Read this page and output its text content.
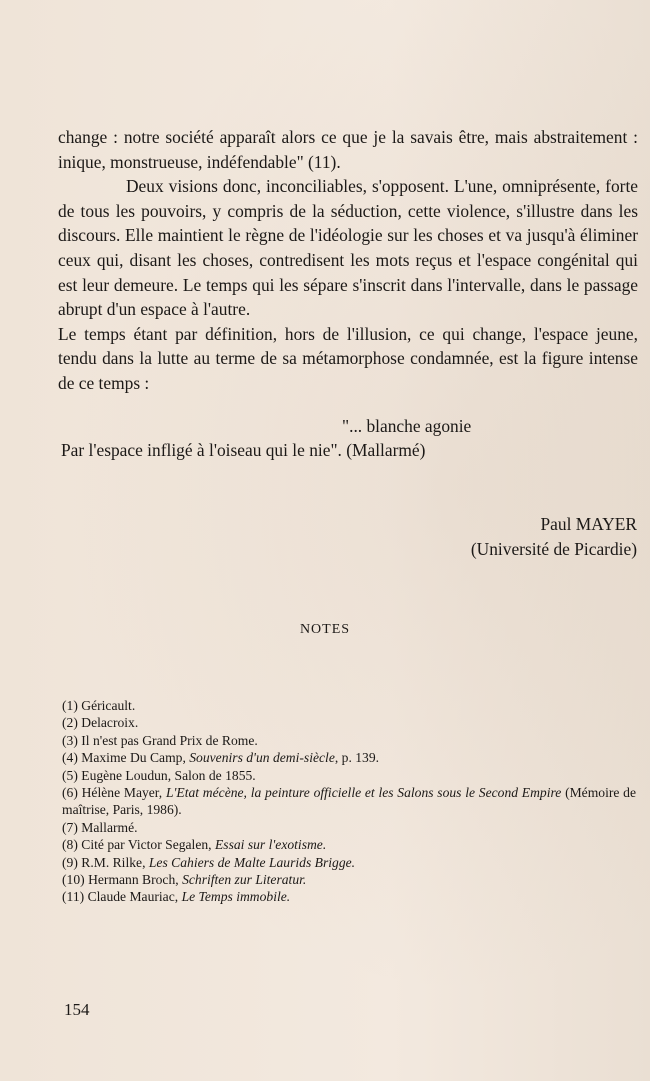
change : notre société apparaît alors ce que je la savais être, mais abstraitement : inique, monstrueuse, indéfendable" (11).

Deux visions donc, inconciliables, s'opposent. L'une, omniprésente, forte de tous les pouvoirs, y compris de la séduction, cette violence, s'illustre dans les discours. Elle maintient le règne de l'idéologie sur les choses et va jusqu'à éliminer ceux qui, disant les choses, contredisent les mots reçus et l'espace congénital qui est leur demeure. Le temps qui les sépare s'inscrit dans l'intervalle, dans le passage abrupt d'un espace à l'autre.

Le temps étant par définition, hors de l'illusion, ce qui change, l'espace jeune, tendu dans la lutte au terme de sa métamorphose condamnée, est la figure intense de ce temps :

"... blanche agonie

Par l'espace infligé à l'oiseau qui le nie". (Mallarmé)

Paul MAYER
(Université de Picardie)
NOTES
(1) Géricault.
(2) Delacroix.
(3) Il n'est pas Grand Prix de Rome.
(4) Maxime Du Camp, Souvenirs d'un demi-siècle, p. 139.
(5) Eugène Loudun, Salon de 1855.
(6) Hélène Mayer, L'Etat mécène, la peinture officielle et les Salons sous le Second Empire (Mémoire de maîtrise, Paris, 1986).
(7) Mallarmé.
(8) Cité par Victor Segalen, Essai sur l'exotisme.
(9) R.M. Rilke, Les Cahiers de Malte Laurids Brigge.
(10) Hermann Broch, Schriften zur Literatur.
(11) Claude Mauriac, Le Temps immobile.
154
